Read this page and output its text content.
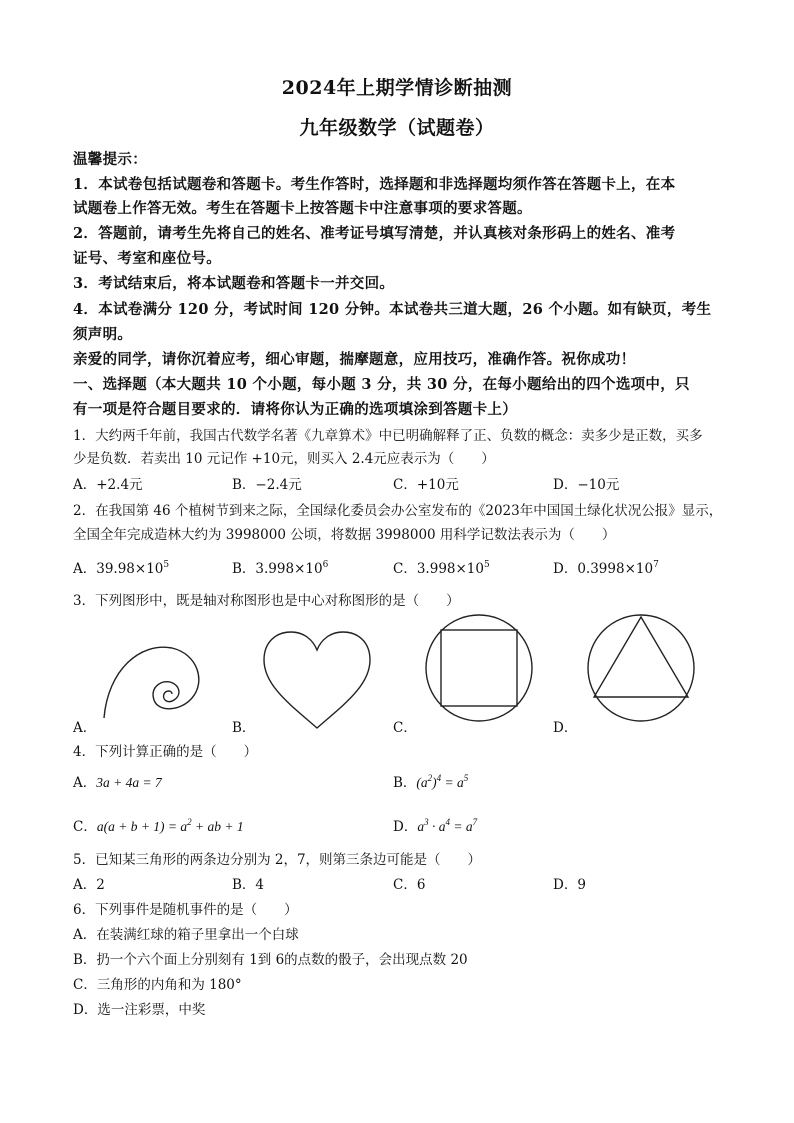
2024年上期学情诊断抽测
九年级数学（试题卷）
温馨提示：
1．本试卷包括试题卷和答题卡。考生作答时，选择题和非选择题均须作答在答题卡上，在本
试题卷上作答无效。考生在答题卡上按答题卡中注意事项的要求答题。
2．答题前，请考生先将自己的姓名、准考证号填写清楚，并认真核对条形码上的姓名、准考
证号、考室和座位号。
3．考试结束后，将本试题卷和答题卡一并交回。
4．本试卷满分 120 分，考试时间 120 分钟。本试卷共三道大题，26 个小题。如有缺页，考生
须声明。
亲爱的同学，请你沉着应考，细心审题，揣摩题意，应用技巧，准确作答。祝你成功！
一、选择题（本大题共 10 个小题，每小题 3 分，共 30 分，在每小题给出的四个选项中，只
有一项是符合题目要求的．请将你认为正确的选项填涂到答题卡上）
1．大约两千年前，我国古代数学名著《九章算术》中已明确解释了正、负数的概念：卖多少是正数，买多
少是负数．若卖出 10 元记作 +10元，则买入 2.4元应表示为（　　）
A．+2.4元	B．−2.4元	C．+10元	D．−10元
2．在我国第 46 个植树节到来之际，全国绿化委员会办公室发布的《2023年中国国土绿化状况公报》显示，
全国全年完成造林大约为 3998000 公顷，将数据 3998000 用科学记数法表示为（　　）
A．$39.98\times 10^5$	B．$3.998\times 10^6$	C．$3.998\times 10^5$	D．$0.3998\times 10^7$
3．下列图形中，既是轴对称图形也是中心对称图形的是（　　）
A．	B．	C．	D．
4．下列计算正确的是（　　）
A．3a + 4a = 7	B．$(a^2)^4 = a^5$
C．$a(a + b + 1) = a^2$ + ab + 1	D．$a^3 \cdot a^4 = a^7$
5．已知某三角形的两条边分别为 2，7，则第三条边可能是（　　）
A．2	B．4	C．6	D．9
6．下列事件是随机事件的是（　　）
A．在装满红球的箱子里拿出一个白球
B．扔一个六个面上分别刻有 1到 6的点数的骰子，会出现点数 20
C．三角形的内角和为 180°
D．选一注彩票，中奖
